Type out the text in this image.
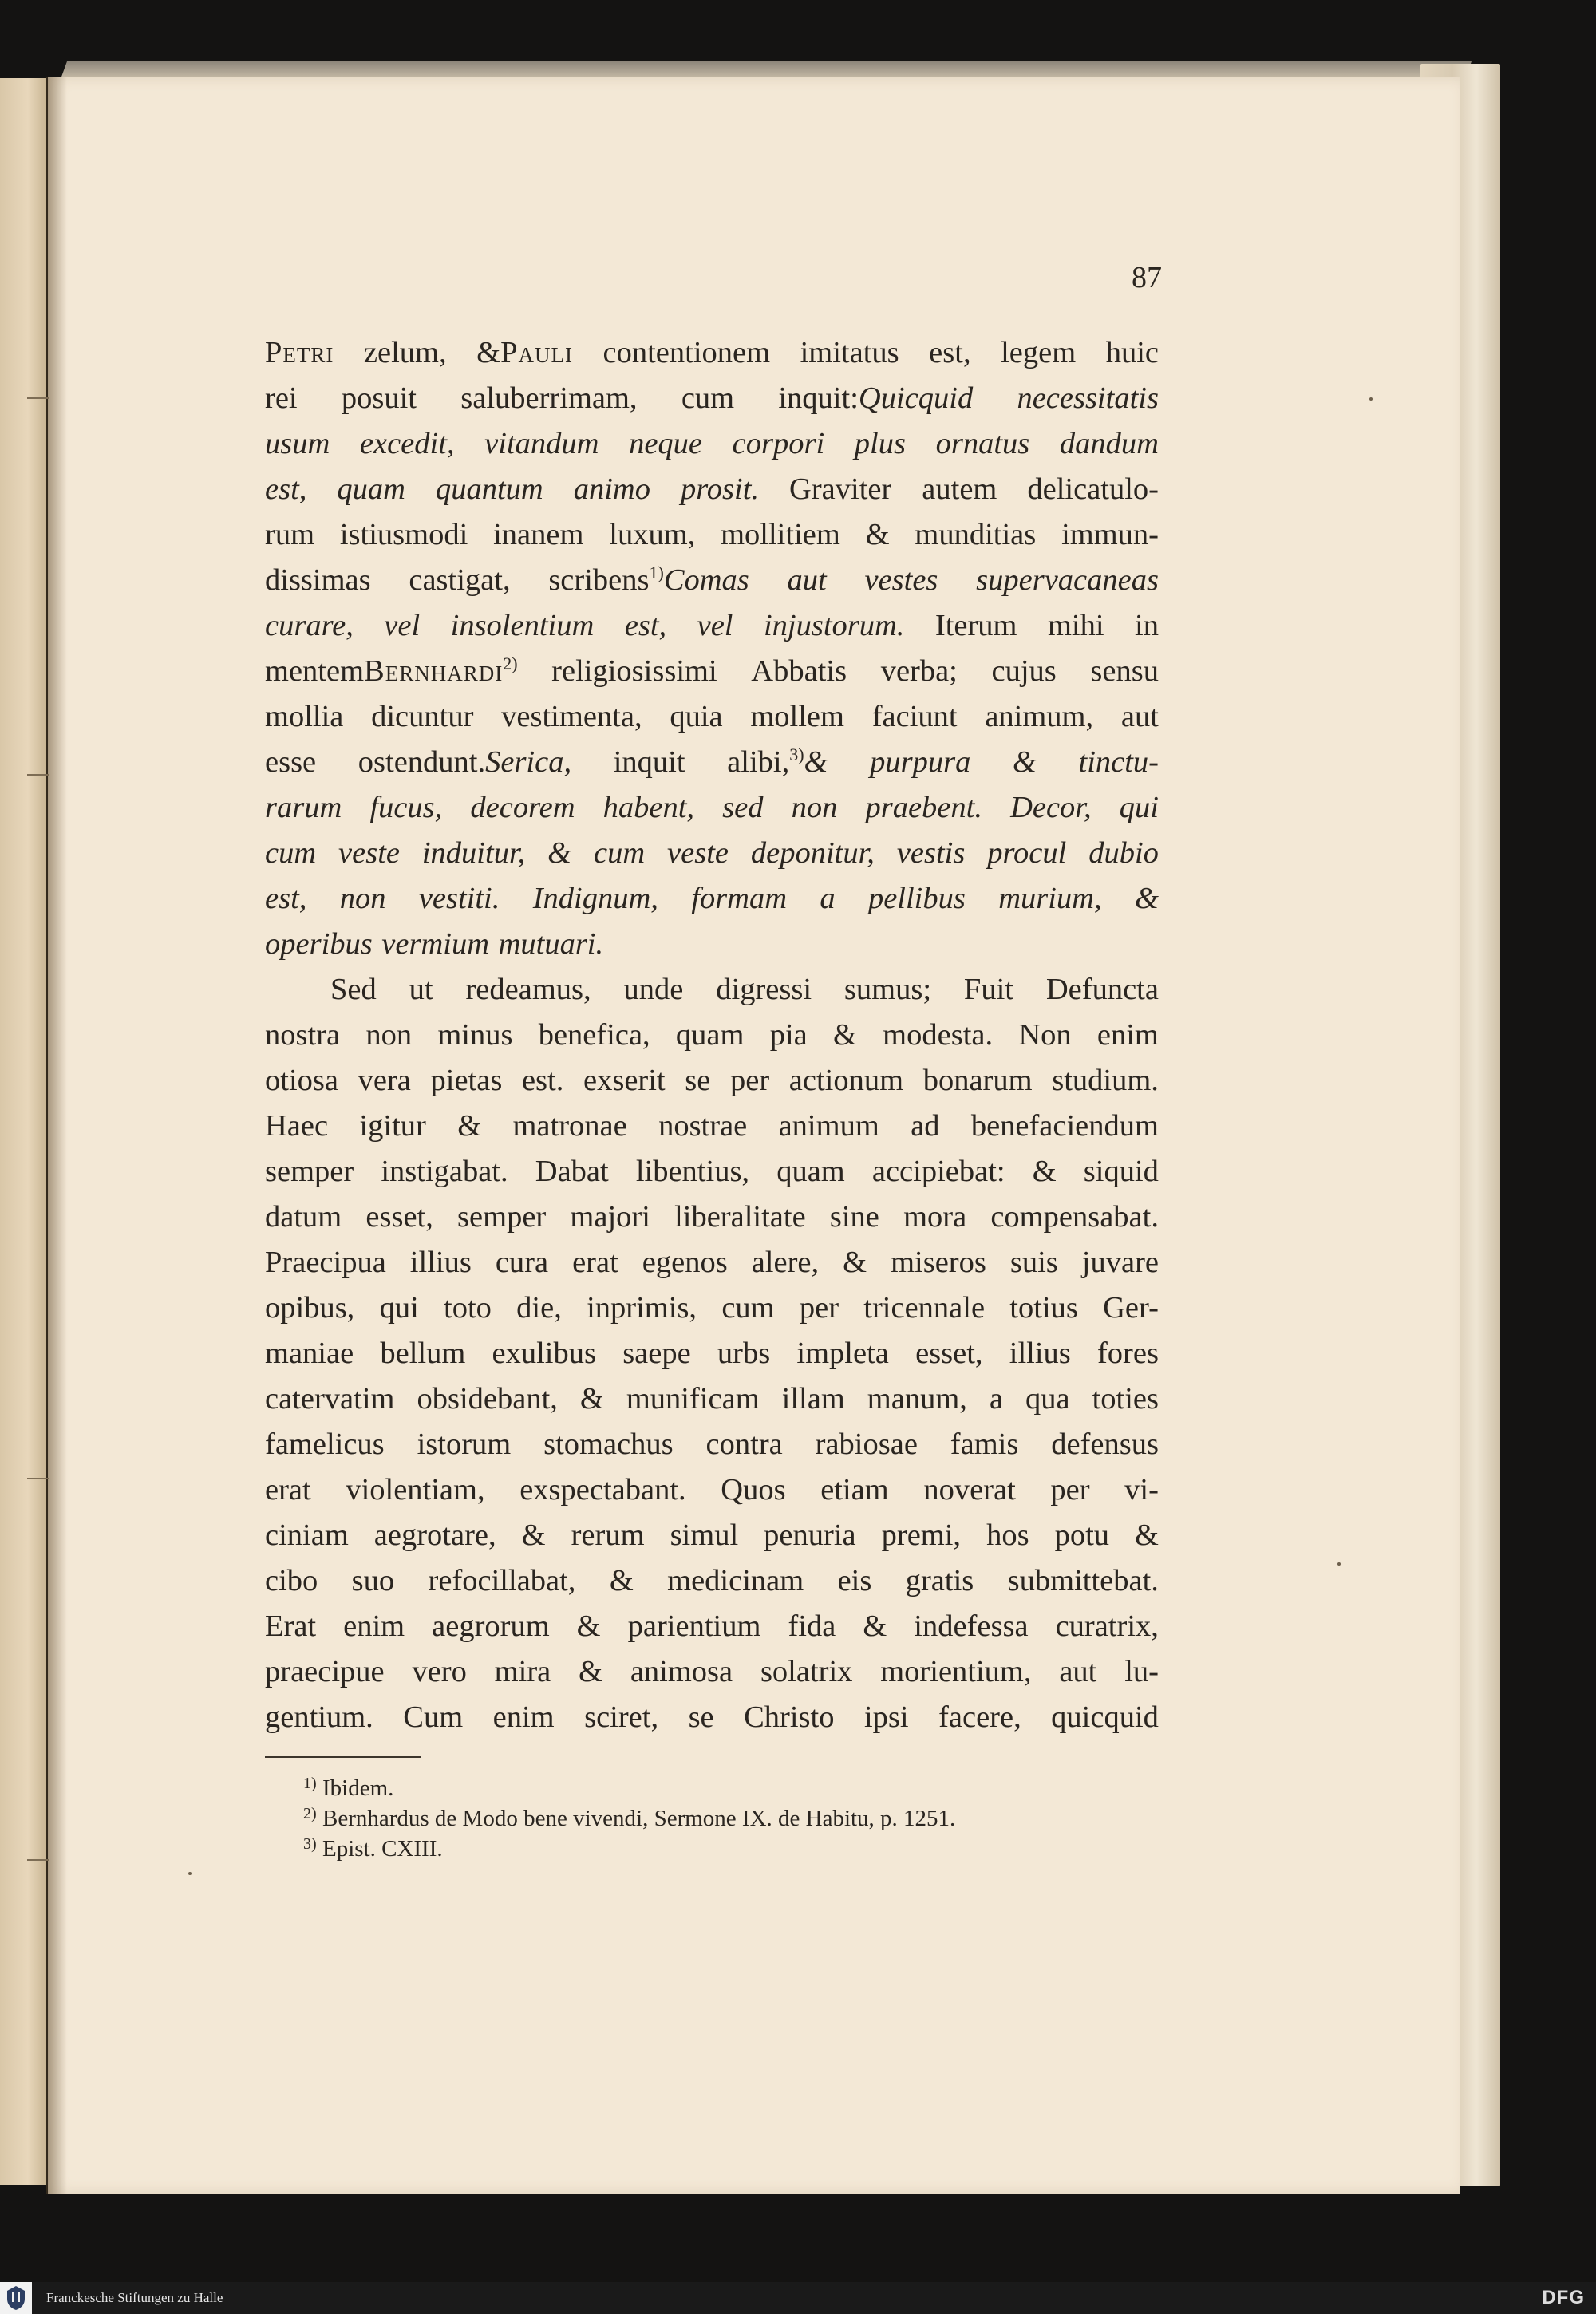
87
Petri zelum, &Pauli contentionem imitatus est, legem huic
rei posuit saluberrimam, cum inquit:Quicquid necessitatis
usum excedit, vitandum neque corpori plus ornatus dandum
est, quam quantum animo prosit. Graviter autem delicatulo-
rum istiusmodi inanem luxum, mollitiem & munditias immun-
dissimas castigat, scribens$^{1)}$Comas aut vestes supervacaneas
curare, vel insolentium est, vel injustorum. Iterum mihi in
mentemBernhardi$^{2)}$ religiosissimi Abbatis verba; cujus sensu
mollia dicuntur vestimenta, quia mollem faciunt animum, aut
esse ostendunt.Serica, inquit alibi,$^{3)}$& purpura & tinctu-
rarum fucus, decorem habent, sed non praebent. Decor, qui
cum veste induitur, & cum veste deponitur, vestis procul dubio
est, non vestiti. Indignum, formam a pellibus murium, &
operibus vermium mutuari.
Sed ut redeamus, unde digressi sumus; Fuit Defuncta
nostra non minus benefica, quam pia & modesta. Non enim
otiosa vera pietas est. exserit se per actionum bonarum studium.
Haec igitur & matronae nostrae animum ad benefaciendum
semper instigabat. Dabat libentius, quam accipiebat: & siquid
datum esset, semper majori liberalitate sine mora compensabat.
Praecipua illius cura erat egenos alere, & miseros suis juvare
opibus, qui toto die, inprimis, cum per tricennale totius Ger-
maniae bellum exulibus saepe urbs impleta esset, illius fores
catervatim obsidebant, & munificam illam manum, a qua toties
famelicus istorum stomachus contra rabiosae famis defensus
erat violentiam, exspectabant. Quos etiam noverat per vi-
ciniam aegrotare, & rerum simul penuria premi, hos potu &
cibo suo refocillabat, & medicinam eis gratis submittebat.
Erat enim aegrorum & parientium fida & indefessa curatrix,
praecipue vero mira & animosa solatrix morientium, aut lu-
gentium. Cum enim sciret, se Christo ipsi facere, quicquid
1) Ibidem.
2) Bernhardus de Modo bene vivendi, Sermone IX. de Habitu, p. 1251.
3) Epist. CXIII.
Franckesche Stiftungen zu Halle	DFG
